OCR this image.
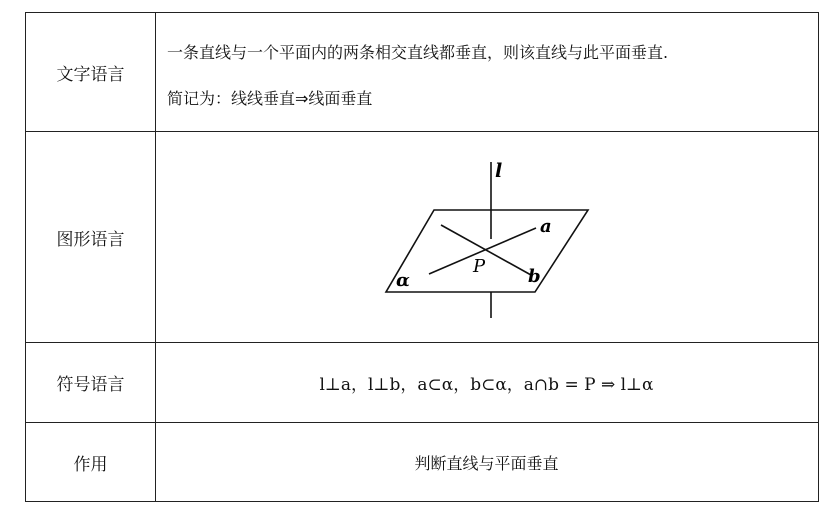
文字语言
一条直线与一个平面内的两条相交直线都垂直，则该直线与此平面垂直.
简记为：线线垂直⇒线面垂直
图形语言
l
a
b
P
α
符号语言	l⊥a，l⊥b，a⊂α，b⊂α，a∩b = P ⇒ l⊥α
作用	判断直线与平面垂直
